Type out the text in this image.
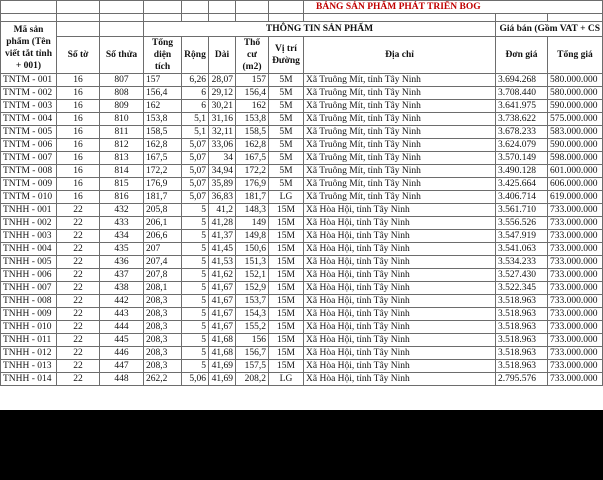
								BẢNG SẢN PHẨM PHÁT TRIỂN BOG		

Mã sản phẩm (Tên viết tắt tỉnh + 001)			THÔNG TIN SẢN PHẨM						Giá bán (Gồm VAT + CS	
	Số tờ	Số thửa	Tổng diện tích	Rộng	Dài	Thổ cư (m2)	Vị trí Đường	Địa chỉ	Đơn giá	Tổng giá

TNTM - 001	16	807	157	6,26	28,07	157	5M	Xã Truông Mít, tỉnh Tây Ninh	3.694.268	580.000.000
TNTM - 002	16	808	156,4	6	29,12	156,4	5M	Xã Truông Mít, tỉnh Tây Ninh	3.708.440	580.000.000
TNTM - 003	16	809	162	6	30,21	162	5M	Xã Truông Mít, tỉnh Tây Ninh	3.641.975	590.000.000
TNTM - 004	16	810	153,8	5,1	31,16	153,8	5M	Xã Truông Mít, tỉnh Tây Ninh	3.738.622	575.000.000
TNTM - 005	16	811	158,5	5,1	32,11	158,5	5M	Xã Truông Mít, tỉnh Tây Ninh	3.678.233	583.000.000
TNTM - 006	16	812	162,8	5,07	33,06	162,8	5M	Xã Truông Mít, tỉnh Tây Ninh	3.624.079	590.000.000
TNTM - 007	16	813	167,5	5,07	34	167,5	5M	Xã Truông Mít, tỉnh Tây Ninh	3.570.149	598.000.000
TNTM - 008	16	814	172,2	5,07	34,94	172,2	5M	Xã Truông Mít, tỉnh Tây Ninh	3.490.128	601.000.000
TNTM - 009	16	815	176,9	5,07	35,89	176,9	5M	Xã Truông Mít, tỉnh Tây Ninh	3.425.664	606.000.000
TNTM - 010	16	816	181,7	5,07	36,83	181,7	LG	Xã Truông Mít, tỉnh Tây Ninh	3.406.714	619.000.000
TNHH - 001	22	432	205,8	5	41,2	148,3	15M	Xã Hòa Hội, tỉnh Tây Ninh	3.561.710	733.000.000
TNHH - 002	22	433	206,1	5	41,28	149	15M	Xã Hòa Hội, tỉnh Tây Ninh	3.556.526	733.000.000
TNHH - 003	22	434	206,6	5	41,37	149,8	15M	Xã Hòa Hội, tỉnh Tây Ninh	3.547.919	733.000.000
TNHH - 004	22	435	207	5	41,45	150,6	15M	Xã Hòa Hội, tỉnh Tây Ninh	3.541.063	733.000.000
TNHH - 005	22	436	207,4	5	41,53	151,3	15M	Xã Hòa Hội, tỉnh Tây Ninh	3.534.233	733.000.000
TNHH - 006	22	437	207,8	5	41,62	152,1	15M	Xã Hòa Hội, tỉnh Tây Ninh	3.527.430	733.000.000
TNHH - 007	22	438	208,1	5	41,67	152,9	15M	Xã Hòa Hội, tỉnh Tây Ninh	3.522.345	733.000.000
TNHH - 008	22	442	208,3	5	41,67	153,7	15M	Xã Hòa Hội, tỉnh Tây Ninh	3.518.963	733.000.000
TNHH - 009	22	443	208,3	5	41,67	154,3	15M	Xã Hòa Hội, tỉnh Tây Ninh	3.518.963	733.000.000
TNHH - 010	22	444	208,3	5	41,67	155,2	15M	Xã Hòa Hội, tỉnh Tây Ninh	3.518.963	733.000.000
TNHH - 011	22	445	208,3	5	41,68	156	15M	Xã Hòa Hội, tỉnh Tây Ninh	3.518.963	733.000.000
TNHH - 012	22	446	208,3	5	41,68	156,7	15M	Xã Hòa Hội, tỉnh Tây Ninh	3.518.963	733.000.000
TNHH - 013	22	447	208,3	5	41,69	157,5	15M	Xã Hòa Hội, tỉnh Tây Ninh	3.518.963	733.000.000
TNHH - 014	22	448	262,2	5,06	41,69	208,2	LG	Xã Hòa Hội, tỉnh Tây Ninh	2.795.576	733.000.000
